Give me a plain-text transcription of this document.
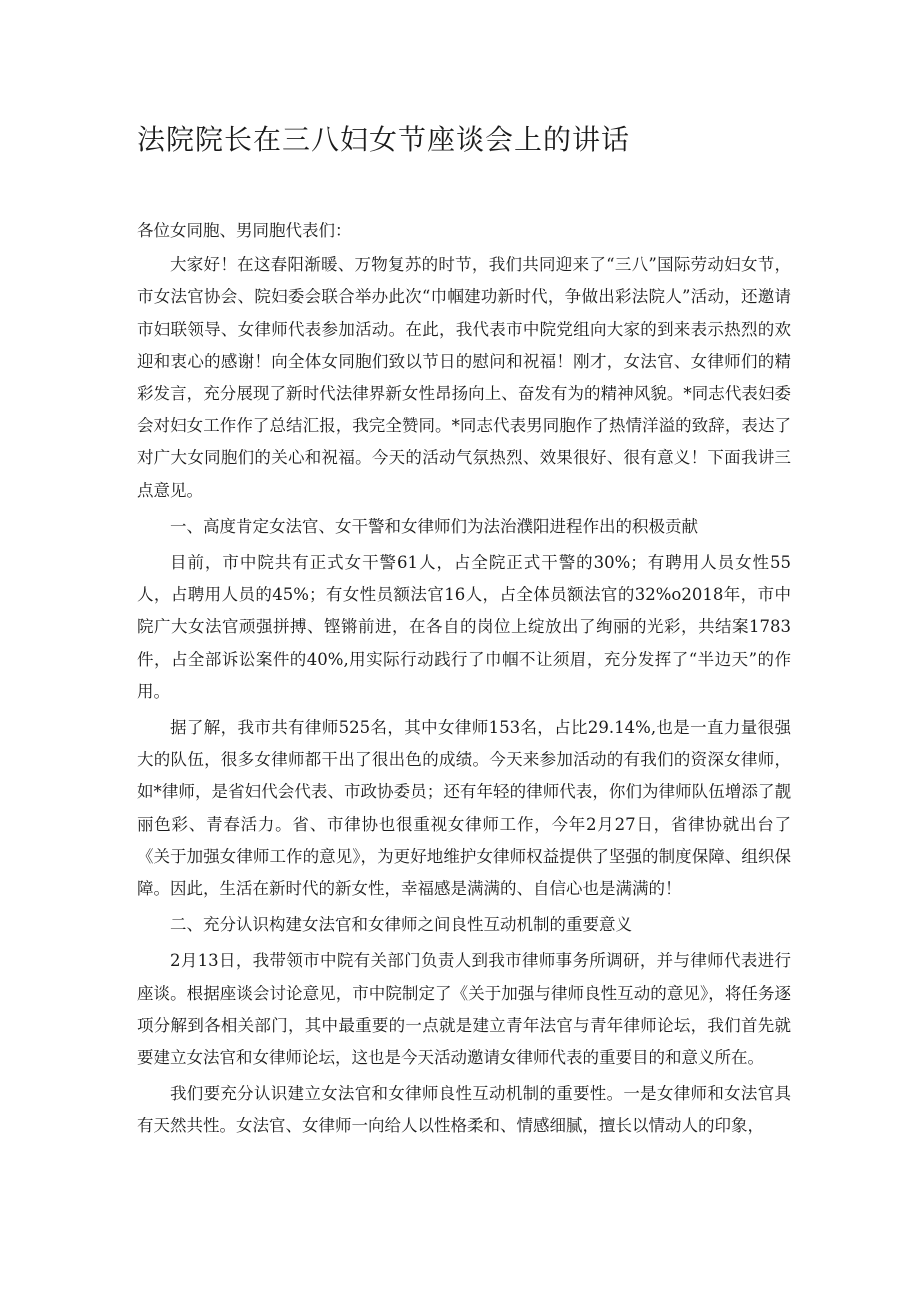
法院院长在三八妇女节座谈会上的讲话

各位女同胞、男同胞代表们：

大家好！在这春阳渐暖、万物复苏的时节，我们共同迎来了“三八”国际劳动妇女节，市女法官协会、院妇委会联合举办此次“巾帼建功新时代，争做出彩法院人”活动，还邀请市妇联领导、女律师代表参加活动。在此，我代表市中院党组向大家的到来表示热烈的欢迎和衷心的感谢！向全体女同胞们致以节日的慰问和祝福！刚才，女法官、女律师们的精彩发言，充分展现了新时代法律界新女性昂扬向上、奋发有为的精神风貌。*同志代表妇委会对妇女工作作了总结汇报，我完全赞同。*同志代表男同胞作了热情洋溢的致辞，表达了对广大女同胞们的关心和祝福。今天的活动气氛热烈、效果很好、很有意义！下面我讲三点意见。

一、高度肯定女法官、女干警和女律师们为法治濮阳进程作出的积极贡献

目前，市中院共有正式女干警61人，占全院正式干警的30%；有聘用人员女性55人，占聘用人员的45%；有女性员额法官16人，占全体员额法官的32%o2018年，市中院广大女法官顽强拼搏、铿锵前进，在各自的岗位上绽放出了绚丽的光彩，共结案1783件，占全部诉讼案件的40%,用实际行动践行了巾帼不让须眉，充分发挥了“半边天”的作用。

据了解，我市共有律师525名，其中女律师153名，占比29.14%,也是一直力量很强大的队伍，很多女律师都干出了很出色的成绩。今天来参加活动的有我们的资深女律师，如*律师，是省妇代会代表、市政协委员；还有年轻的律师代表，你们为律师队伍增添了靓丽色彩、青春活力。省、市律协也很重视女律师工作，今年2月27日，省律协就出台了《关于加强女律师工作的意见》，为更好地维护女律师权益提供了坚强的制度保障、组织保障。因此，生活在新时代的新女性，幸福感是满满的、自信心也是满满的！

二、充分认识构建女法官和女律师之间良性互动机制的重要意义

2月13日，我带领市中院有关部门负责人到我市律师事务所调研，并与律师代表进行座谈。根据座谈会讨论意见，市中院制定了《关于加强与律师良性互动的意见》，将任务逐项分解到各相关部门，其中最重要的一点就是建立青年法官与青年律师论坛，我们首先就要建立女法官和女律师论坛，这也是今天活动邀请女律师代表的重要目的和意义所在。

我们要充分认识建立女法官和女律师良性互动机制的重要性。一是女律师和女法官具有天然共性。女法官、女律师一向给人以性格柔和、情感细腻，擅长以情动人的印象，
